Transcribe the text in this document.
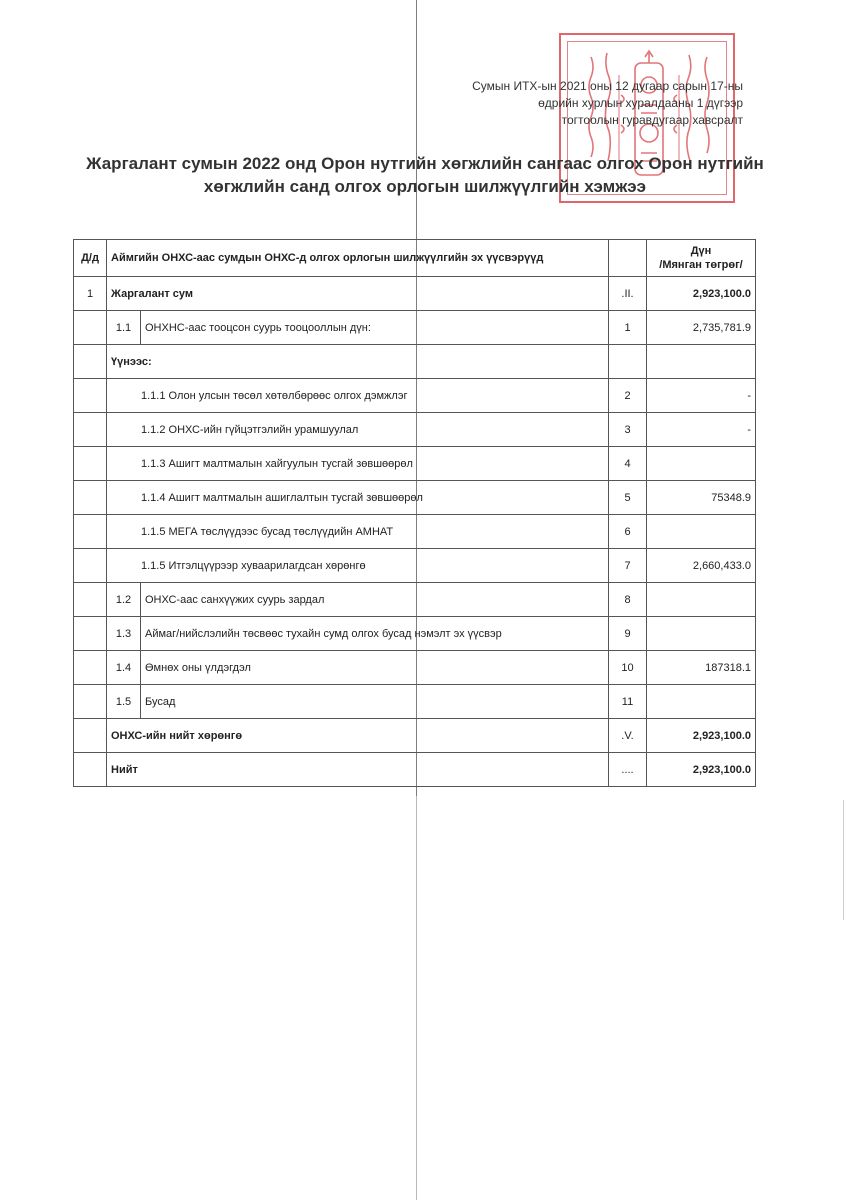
Сумын ИТХ-ын 2021 оны 12 дугаар сарын 17-ны
өдрийн хурлын хуралдааны 1 дүгээр
тогтоолын гуравдугаар хавсралт
Жаргалант сумын 2022 онд Орон нутгийн хөгжлийн сангаас олгох Орон нутгийн
хөгжлийн санд олгох орлогын шилжүүлгийн хэмжээ
Д/д	Аймгийн ОНХС-аас сумдын ОНХС-д олгох орлогын шилжүүлгийн эх үүсвэрүүд			Дүн
/Мянган төгрөг/

1	Жаргалант сум		.II.	2,923,100.0
	1.1	ОНХНС-аас тооцсон суурь тооцооллын дүн:	1	2,735,781.9
	Үүнээс:			
	1.1.1 Олон улсын төсөл хөтөлбөрөөс олгох дэмжлэг		2	-
	1.1.2 ОНХС-ийн гүйцэтгэлийн урамшуулал		3	-
	1.1.3 Ашигт малтмалын хайгуулын тусгай зөвшөөрөл		4	
	1.1.4 Ашигт малтмалын ашиглалтын тусгай зөвшөөрөл		5	75348.9
	1.1.5 МЕГА төслүүдээс бусад төслүүдийн АМНАТ		6	
	1.1.5 Итгэлцүүрээр хуваарилагдсан хөрөнгө		7	2,660,433.0
	1.2	ОНХС-аас санхүүжих суурь зардал	8	
	1.3	Аймаг/нийслэлийн төсвөөс тухайн сумд олгох бусад нэмэлт эх үүсвэр	9	
	1.4	Өмнөх оны үлдэгдэл	10	187318.1
	1.5	Бусад	11	
	ОНХС-ийн нийт хөрөнгө		.V.	2,923,100.0
	Нийт		....	2,923,100.0
